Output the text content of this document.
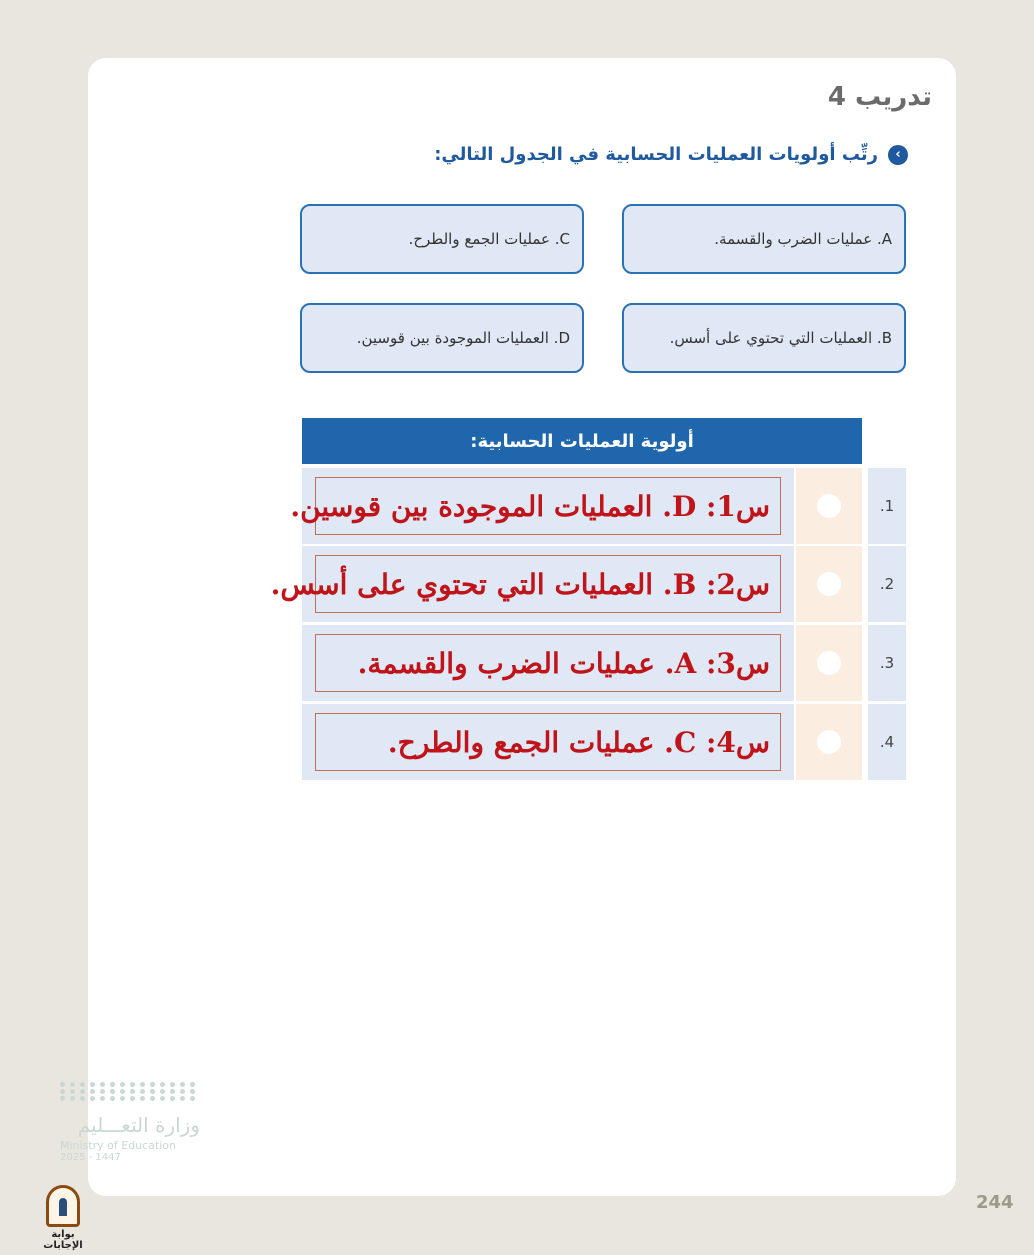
تدريب 4
›
رتِّب أولويات العمليات الحسابية في الجدول التالي:
A. عمليات الضرب والقسمة.
C. عمليات الجمع والطرح.
B. العمليات التي تحتوي على أسس.
D. العمليات الموجودة بين قوسين.
أولوية العمليات الحسابية:
.1
س1: D. العمليات الموجودة بين قوسين.
.2
س2: B. العمليات التي تحتوي على أسس.
.3
س3: A. عمليات الضرب والقسمة.
.4
س4: C. عمليات الجمع والطرح.
وزارة التعـــليم
Ministry of Education
2025 - 1447
244
بوابة الإجابات
